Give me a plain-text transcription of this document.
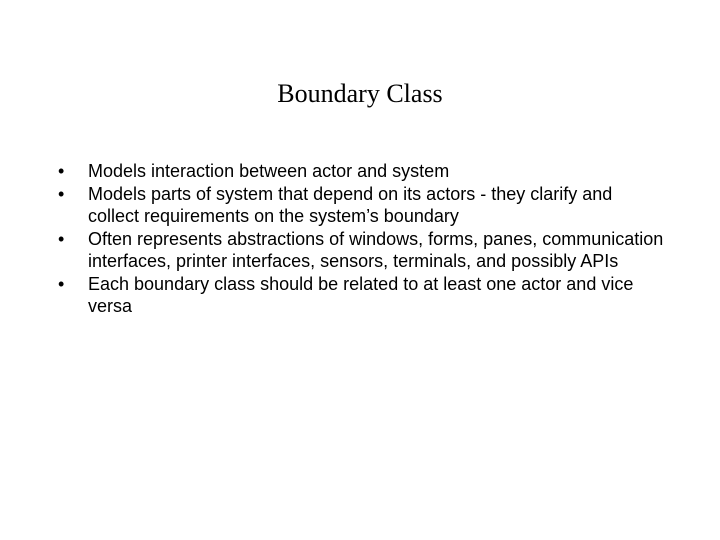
Boundary Class
•	Models interaction between actor and system
•	Models parts of system that depend on its actors - they clarify and collect requirements on the system’s boundary
•	Often represents abstractions of windows, forms, panes, communication interfaces, printer interfaces, sensors, terminals, and possibly APIs
•	Each boundary class should be related to at least one actor and vice versa
